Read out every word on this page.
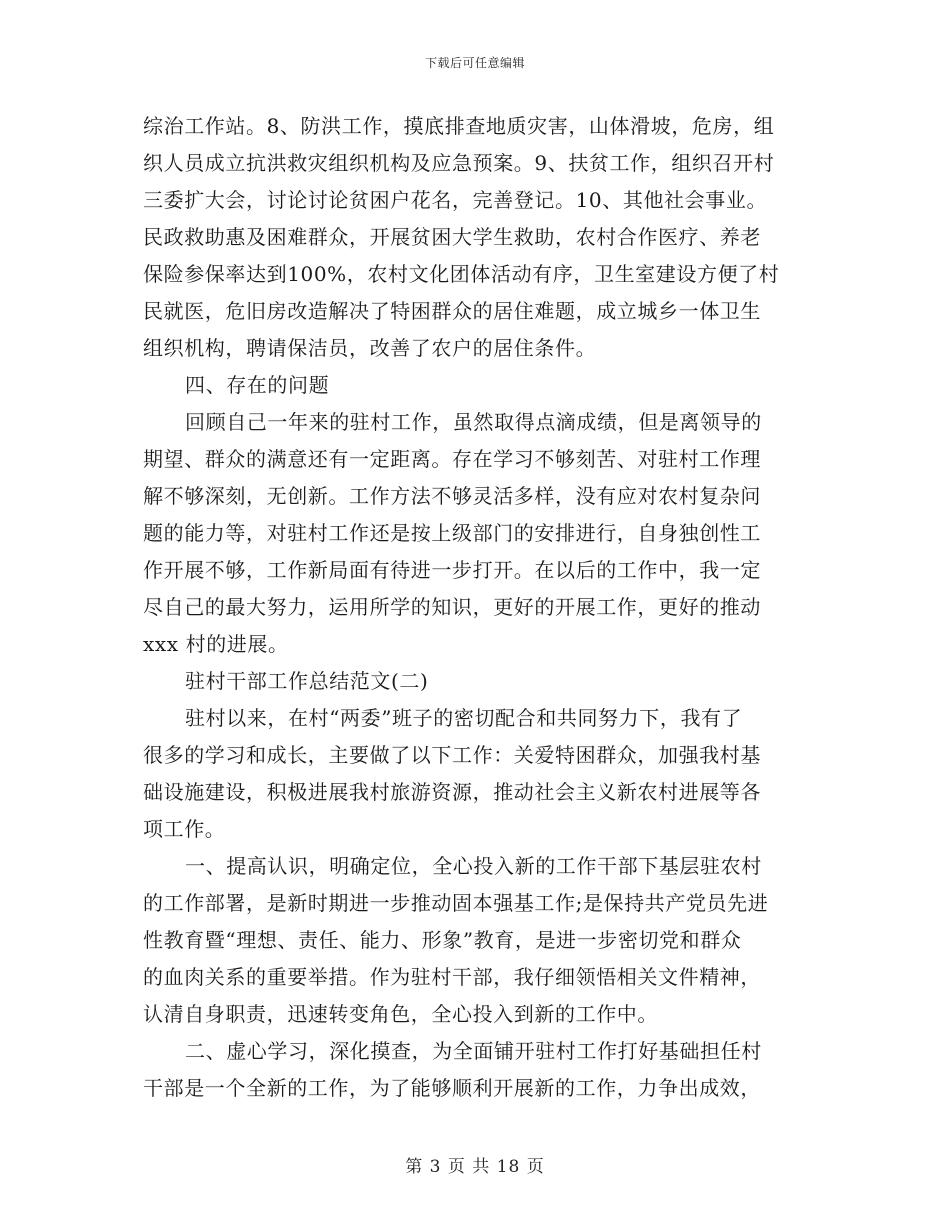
下载后可任意编辑
综治工作站。8、防洪工作，摸底排查地质灾害，山体滑坡，危房，组
织人员成立抗洪救灾组织机构及应急预案。9、扶贫工作，组织召开村
三委扩大会，讨论讨论贫困户花名，完善登记。10、其他社会事业。
民政救助惠及困难群众，开展贫困大学生救助，农村合作医疗、养老
保险参保率达到100%，农村文化团体活动有序，卫生室建设方便了村
民就医，危旧房改造解决了特困群众的居住难题，成立城乡一体卫生
组织机构，聘请保洁员，改善了农户的居住条件。
四、存在的问题
回顾自己一年来的驻村工作，虽然取得点滴成绩，但是离领导的
期望、群众的满意还有一定距离。存在学习不够刻苦、对驻村工作理
解不够深刻，无创新。工作方法不够灵活多样，没有应对农村复杂问
题的能力等，对驻村工作还是按上级部门的安排进行，自身独创性工
作开展不够，工作新局面有待进一步打开。在以后的工作中，我一定
尽自己的最大努力，运用所学的知识，更好的开展工作，更好的推动
xxx 村的进展。
驻村干部工作总结范文(二)
驻村以来，在村“两委”班子的密切配合和共同努力下，我有了
很多的学习和成长，主要做了以下工作：关爱特困群众，加强我村基
础设施建设，积极进展我村旅游资源，推动社会主义新农村进展等各
项工作。
一、提高认识，明确定位，全心投入新的工作干部下基层驻农村
的工作部署，是新时期进一步推动固本强基工作;是保持共产党员先进
性教育暨“理想、责任、能力、形象”教育，是进一步密切党和群众
的血肉关系的重要举措。作为驻村干部，我仔细领悟相关文件精神，
认清自身职责，迅速转变角色，全心投入到新的工作中。
二、虚心学习，深化摸查，为全面铺开驻村工作打好基础担任村
干部是一个全新的工作，为了能够顺利开展新的工作，力争出成效，
第 3 页 共 18 页
